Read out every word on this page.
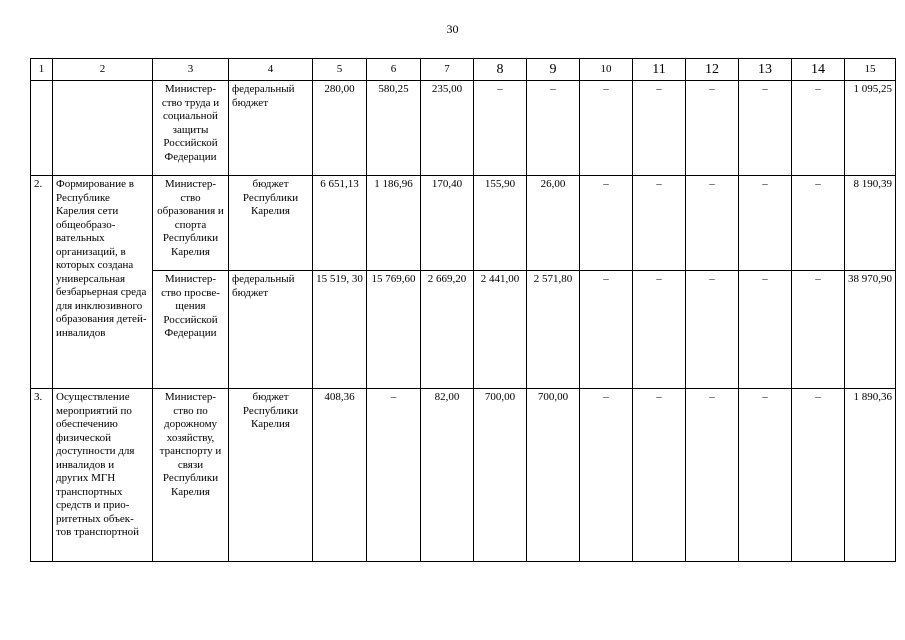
30
1	2	3	4	5	6	7	8	9	10	11	12	13	14	15
		Министер-ство труда и социальной защиты Российской Федерации	федеральный бюджет	280,00	580,25	235,00	–	–	–	–	–	–	–	1 095,25
2.	Формирование в Республике Карелия сети общеобразо-вательных организаций, в которых создана универсальная безбарьерная среда для инклюзивного образования детей-инвалидов	Министер-ство образования и спорта Республики Карелия	бюджет Республики Карелия	6 651,13	1 186,96	170,40	155,90	26,00	–	–	–	–	–	8 190,39
		Министер-ство просве-щения Российской Федерации	федеральный бюджет	15 519, 30	15 769,60	2 669,20	2 441,00	2 571,80	–	–	–	–	–	38 970,90
3.	Осуществление мероприятий по обеспечению физической доступности для инвалидов и других МГН транспортных средств и прио-ритетных объек-тов транспортной	Министер-ство по дорожному хозяйству, транспорту и связи Республики Карелия	бюджет Республики Карелия	408,36	–	82,00	700,00	700,00	–	–	–	–	–	1 890,36
